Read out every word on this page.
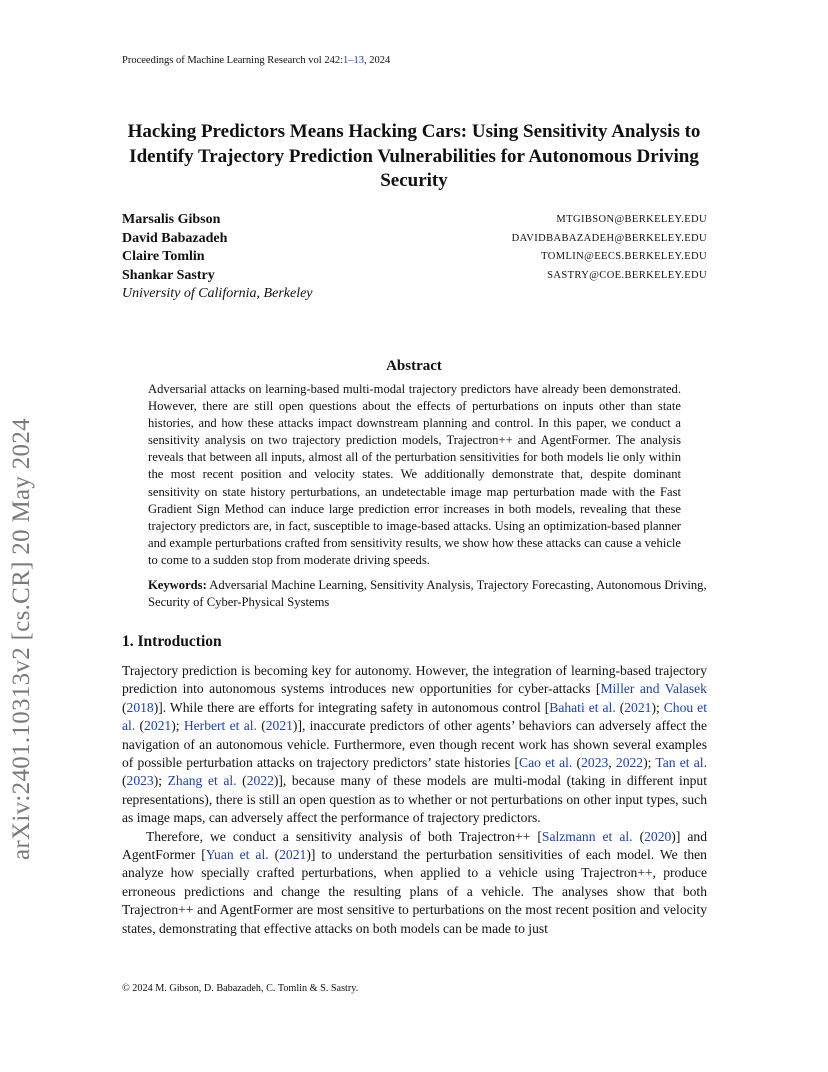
Proceedings of Machine Learning Research vol 242:1–13, 2024
Hacking Predictors Means Hacking Cars: Using Sensitivity Analysis to Identify Trajectory Prediction Vulnerabilities for Autonomous Driving Security
Marsalis Gibson	MTGIBSON@BERKELEY.EDU
David Babazadeh	DAVIDBABAZADEH@BERKELEY.EDU
Claire Tomlin	TOMLIN@EECS.BERKELEY.EDU
Shankar Sastry	SASTRY@COE.BERKELEY.EDU
University of California, Berkeley
Abstract
Adversarial attacks on learning-based multi-modal trajectory predictors have already been demonstrated. However, there are still open questions about the effects of perturbations on inputs other than state histories, and how these attacks impact downstream planning and control. In this paper, we conduct a sensitivity analysis on two trajectory prediction models, Trajectron++ and AgentFormer. The analysis reveals that between all inputs, almost all of the perturbation sensitivities for both models lie only within the most recent position and velocity states. We additionally demonstrate that, despite dominant sensitivity on state history perturbations, an undetectable image map perturbation made with the Fast Gradient Sign Method can induce large prediction error increases in both models, revealing that these trajectory predictors are, in fact, susceptible to image-based attacks. Using an optimization-based planner and example perturbations crafted from sensitivity results, we show how these attacks can cause a vehicle to come to a sudden stop from moderate driving speeds.
Keywords: Adversarial Machine Learning, Sensitivity Analysis, Trajectory Forecasting, Autonomous Driving, Security of Cyber-Physical Systems
1. Introduction

Trajectory prediction is becoming key for autonomy. However, the integration of learning-based trajectory prediction into autonomous systems introduces new opportunities for cyber-attacks [Miller and Valasek (2018)]. While there are efforts for integrating safety in autonomous control [Bahati et al. (2021); Chou et al. (2021); Herbert et al. (2021)], inaccurate predictors of other agents’ behaviors can adversely affect the navigation of an autonomous vehicle. Furthermore, even though recent work has shown several examples of possible perturbation attacks on trajectory predictors’ state histories [Cao et al. (2023, 2022); Tan et al. (2023); Zhang et al. (2022)], because many of these models are multi-modal (taking in different input representations), there is still an open question as to whether or not perturbations on other input types, such as image maps, can adversely affect the performance of trajectory predictors.

Therefore, we conduct a sensitivity analysis of both Trajectron++ [Salzmann et al. (2020)] and AgentFormer [Yuan et al. (2021)] to understand the perturbation sensitivities of each model. We then analyze how specially crafted perturbations, when applied to a vehicle using Trajectron++, produce erroneous predictions and change the resulting plans of a vehicle. The analyses show that both Trajectron++ and AgentFormer are most sensitive to perturbations on the most recent position and velocity states, demonstrating that effective attacks on both models can be made to just

© 2024 M. Gibson, D. Babazadeh, C. Tomlin & S. Sastry.
arXiv:2401.10313v2 [cs.CR] 20 May 2024
